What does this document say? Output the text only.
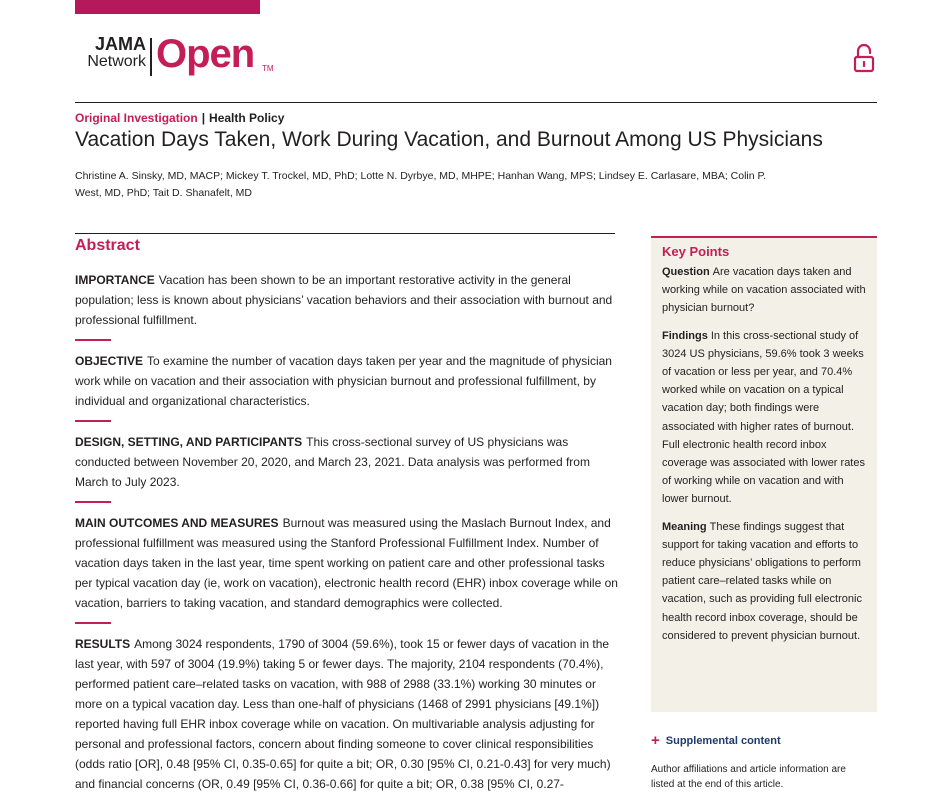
JAMA
Network Open TM
Original Investigation | Health Policy
Vacation Days Taken, Work During Vacation, and Burnout Among US Physicians
Christine A. Sinsky, MD, MACP; Mickey T. Trockel, MD, PhD; Lotte N. Dyrbye, MD, MHPE; Hanhan Wang, MPS; Lindsey E. Carlasare, MBA; Colin P. West, MD, PhD; Tait D. Shanafelt, MD
Abstract

IMPORTANCE Vacation has been shown to be an important restorative activity in the general population; less is known about physicians’ vacation behaviors and their association with burnout and professional fulfillment.

OBJECTIVE To examine the number of vacation days taken per year and the magnitude of physician work while on vacation and their association with physician burnout and professional fulfillment, by individual and organizational characteristics.

DESIGN, SETTING, AND PARTICIPANTS This cross-sectional survey of US physicians was conducted between November 20, 2020, and March 23, 2021. Data analysis was performed from March to July 2023.

MAIN OUTCOMES AND MEASURES Burnout was measured using the Maslach Burnout Index, and professional fulfillment was measured using the Stanford Professional Fulfillment Index. Number of vacation days taken in the last year, time spent working on patient care and other professional tasks per typical vacation day (ie, work on vacation), electronic health record (EHR) inbox coverage while on vacation, barriers to taking vacation, and standard demographics were collected.

RESULTS Among 3024 respondents, 1790 of 3004 (59.6%), took 15 or fewer days of vacation in the last year, with 597 of 3004 (19.9%) taking 5 or fewer days. The majority, 2104 respondents (70.4%), performed patient care–related tasks on vacation, with 988 of 2988 (33.1%) working 30 minutes or more on a typical vacation day. Less than one-half of physicians (1468 of 2991 physicians [49.1%]) reported having full EHR inbox coverage while on vacation. On multivariable analysis adjusting for personal and professional factors, concern about finding someone to cover clinical responsibilities (odds ratio [OR], 0.48 [95% CI, 0.35-0.65] for quite a bit; OR, 0.30 [95% CI, 0.21-0.43] for very much) and financial concerns (OR, 0.49 [95% CI, 0.36-0.66] for quite a bit; OR, 0.38 [95% CI, 0.27-

Key Points

Question Are vacation days taken and working while on vacation associated with physician burnout?

Findings In this cross-sectional study of 3024 US physicians, 59.6% took 3 weeks of vacation or less per year, and 70.4% worked while on vacation on a typical vacation day; both findings were associated with higher rates of burnout. Full electronic health record inbox coverage was associated with lower rates of working while on vacation and with lower burnout.

Meaning These findings suggest that support for taking vacation and efforts to reduce physicians’ obligations to perform patient care–related tasks while on vacation, such as providing full electronic health record inbox coverage, should be considered to prevent physician burnout.

+ Supplemental content
Author affiliations and article information are listed at the end of this article.
